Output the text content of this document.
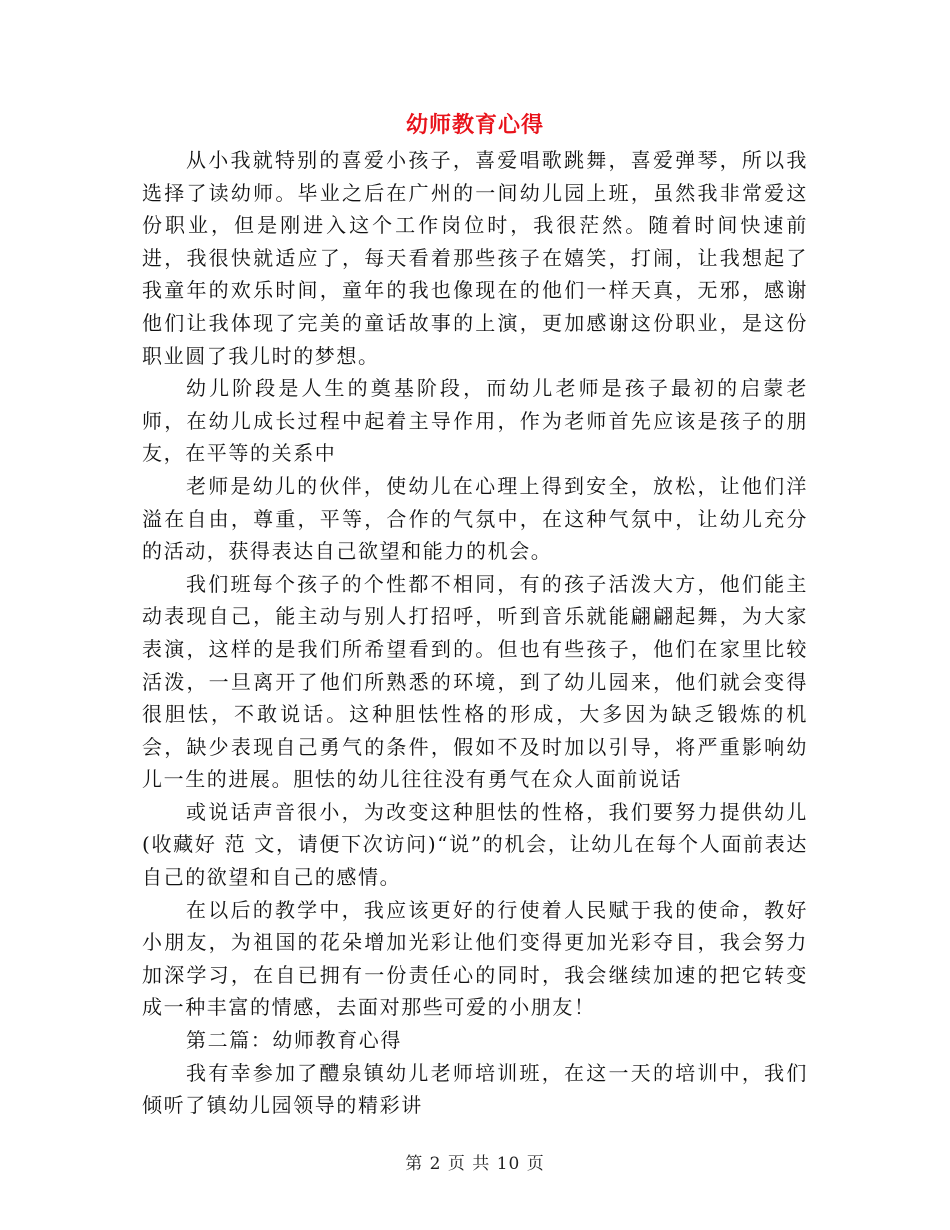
幼师教育心得

从小我就特别的喜爱小孩子，喜爱唱歌跳舞，喜爱弹琴，所以我选择了读幼师。毕业之后在广州的一间幼儿园上班，虽然我非常爱这份职业，但是刚进入这个工作岗位时，我很茫然。随着时间快速前进，我很快就适应了，每天看着那些孩子在嬉笑，打闹，让我想起了我童年的欢乐时间，童年的我也像现在的他们一样天真，无邪，感谢他们让我体现了完美的童话故事的上演，更加感谢这份职业，是这份职业圆了我儿时的梦想。

幼儿阶段是人生的奠基阶段，而幼儿老师是孩子最初的启蒙老师，在幼儿成长过程中起着主导作用，作为老师首先应该是孩子的朋友，在平等的关系中

老师是幼儿的伙伴，使幼儿在心理上得到安全，放松，让他们洋溢在自由，尊重，平等，合作的气氛中，在这种气氛中，让幼儿充分的活动，获得表达自己欲望和能力的机会。

我们班每个孩子的个性都不相同，有的孩子活泼大方，他们能主动表现自己，能主动与别人打招呼，听到音乐就能翩翩起舞，为大家表演，这样的是我们所希望看到的。但也有些孩子，他们在家里比较活泼，一旦离开了他们所熟悉的环境，到了幼儿园来，他们就会变得很胆怯，不敢说话。这种胆怯性格的形成，大多因为缺乏锻炼的机会，缺少表现自己勇气的条件，假如不及时加以引导，将严重影响幼儿一生的进展。胆怯的幼儿往往没有勇气在众人面前说话

或说话声音很小，为改变这种胆怯的性格，我们要努力提供幼儿(收藏好 范 文，请便下次访问)“说”的机会，让幼儿在每个人面前表达自己的欲望和自己的感情。

在以后的教学中，我应该更好的行使着人民赋于我的使命，教好小朋友，为祖国的花朵增加光彩让他们变得更加光彩夺目，我会努力加深学习，在自已拥有一份责任心的同时，我会继续加速的把它转变成一种丰富的情感，去面对那些可爱的小朋友！

第二篇：幼师教育心得

我有幸参加了醴泉镇幼儿老师培训班，在这一天的培训中，我们倾听了镇幼儿园领导的精彩讲

第 2 页 共 10 页
